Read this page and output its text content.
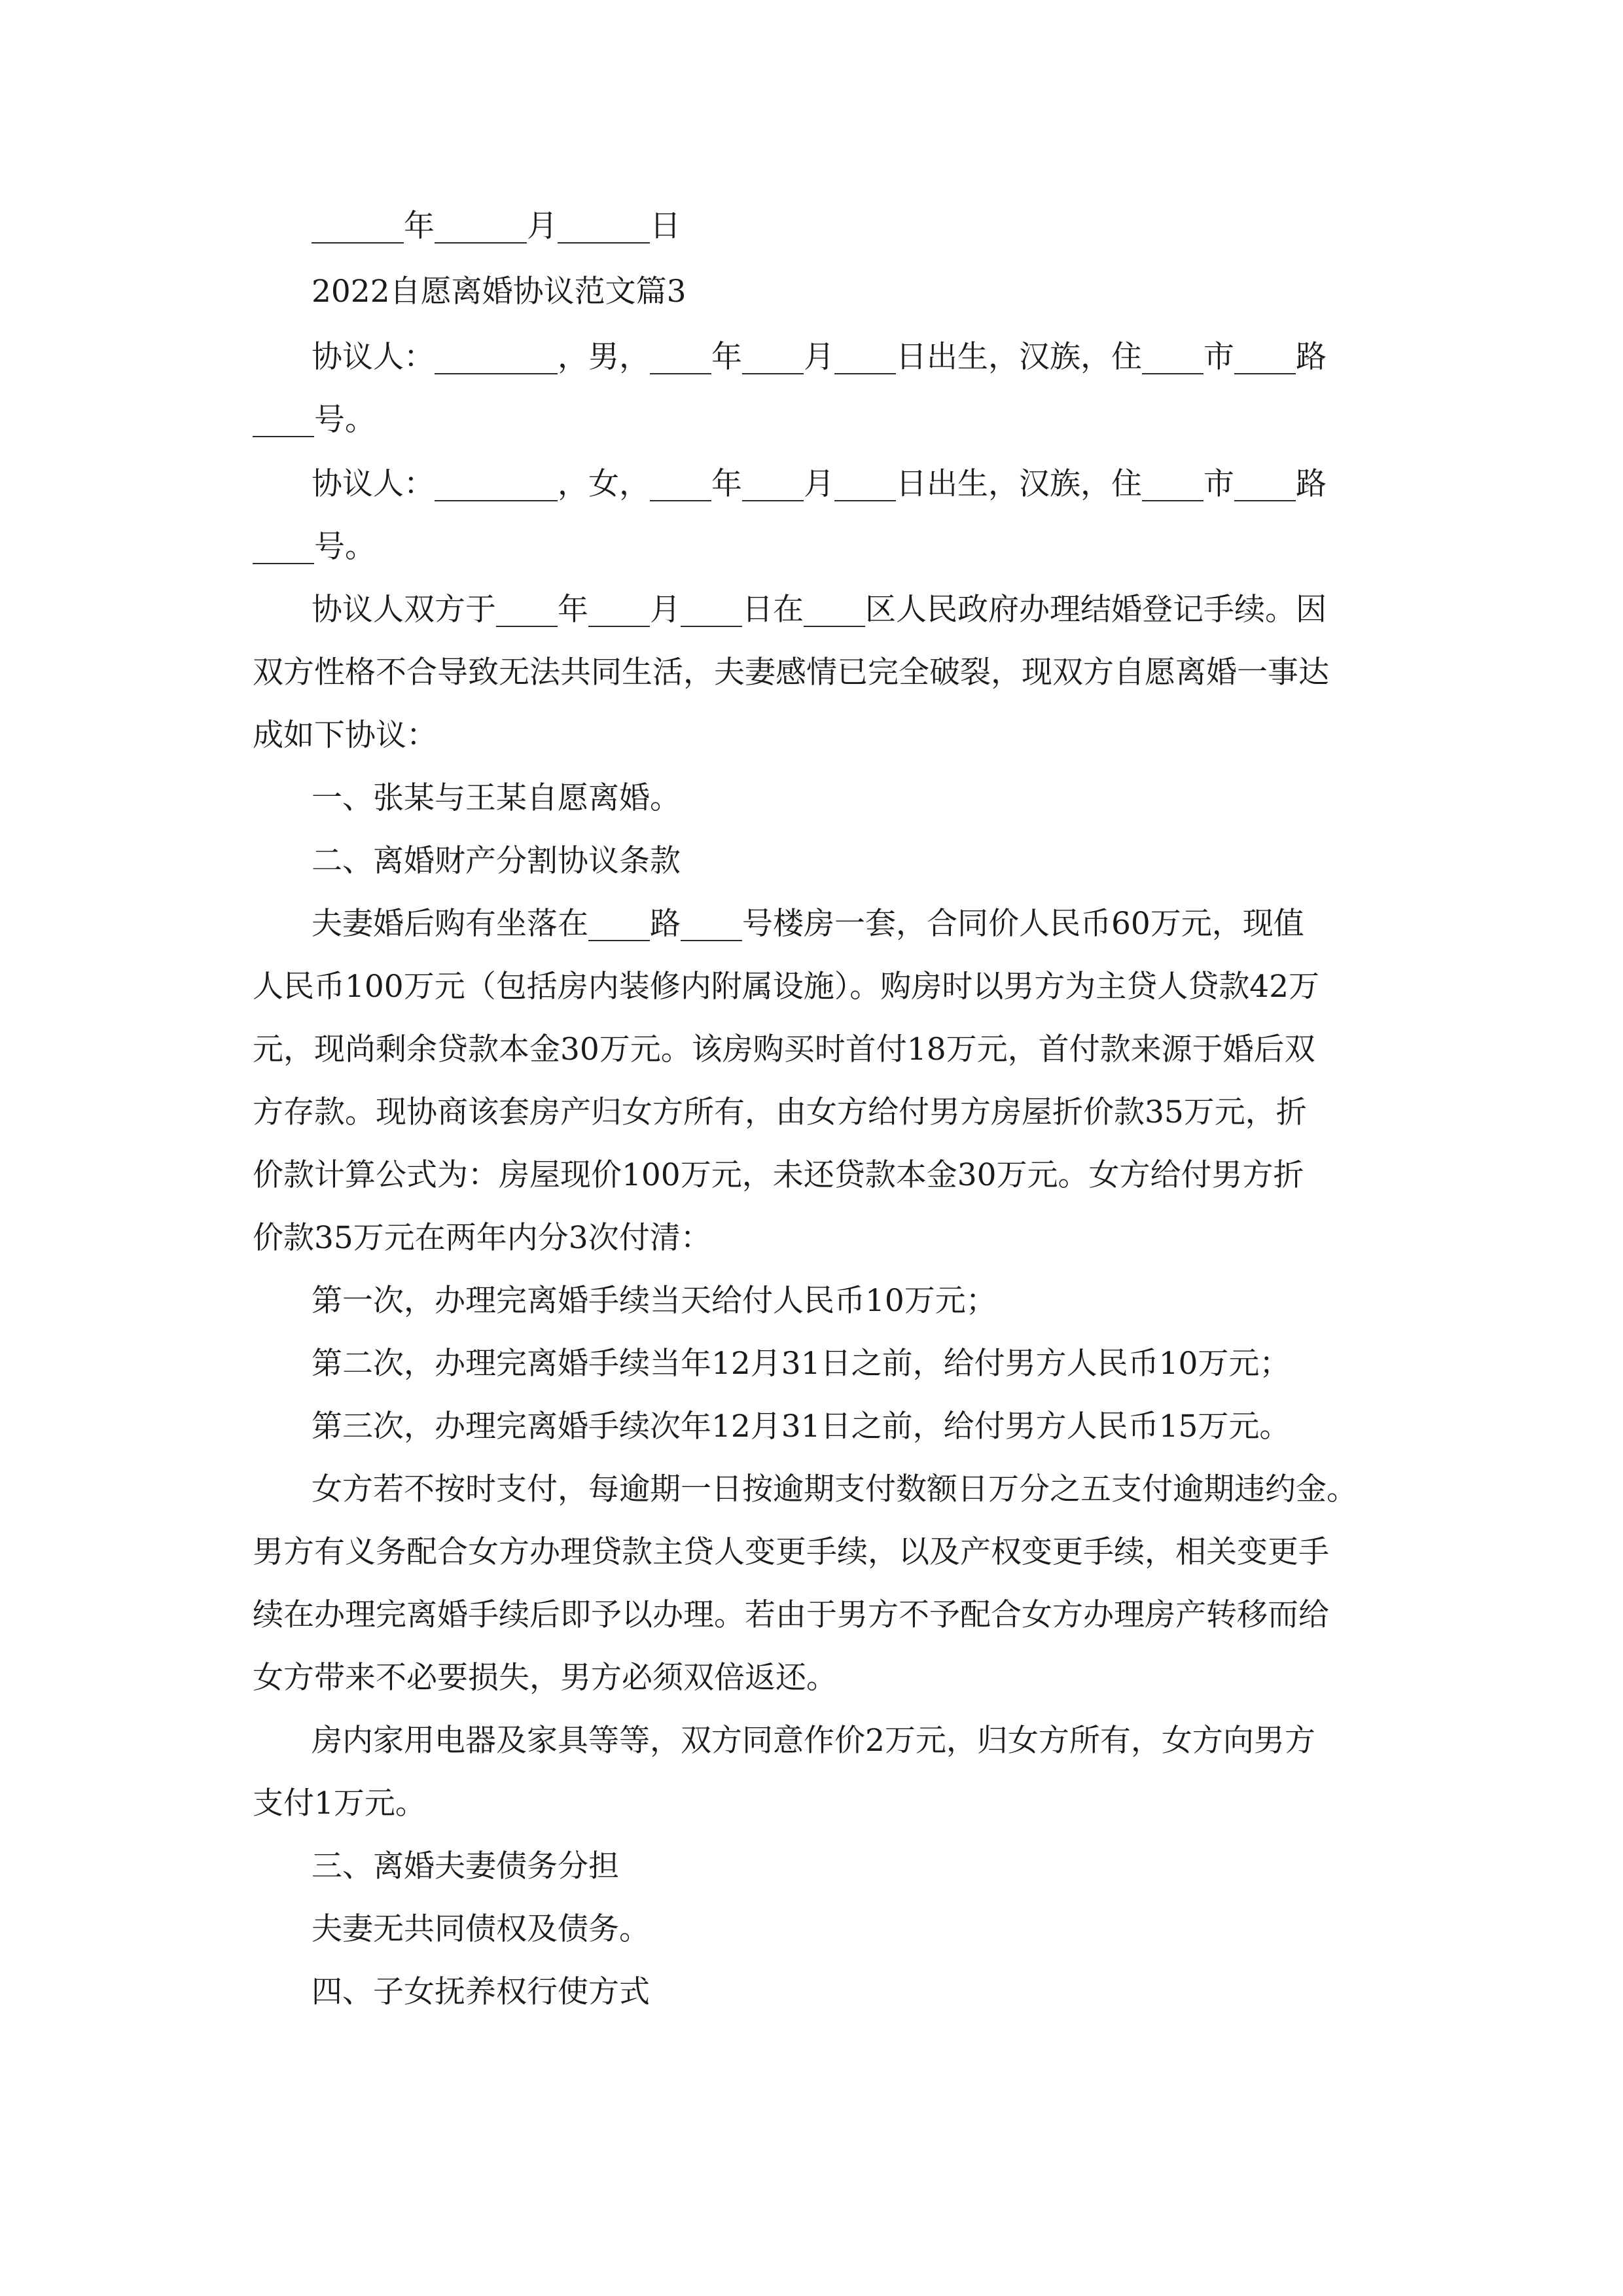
______年______月______日
2022自愿离婚协议范文篇3
协议人：________，男，____年____月____日出生，汉族，住____市____路
____号。
协议人：________，女，____年____月____日出生，汉族，住____市____路
____号。
协议人双方于____年____月____日在____区人民政府办理结婚登记手续。因
双方性格不合导致无法共同生活，夫妻感情已完全破裂，现双方自愿离婚一事达
成如下协议：
一、张某与王某自愿离婚。
二、离婚财产分割协议条款
夫妻婚后购有坐落在____路____号楼房一套，合同价人民币60万元，现值
人民币100万元（包括房内装修内附属设施）。购房时以男方为主贷人贷款42万
元，现尚剩余贷款本金30万元。该房购买时首付18万元，首付款来源于婚后双
方存款。现协商该套房产归女方所有，由女方给付男方房屋折价款35万元，折
价款计算公式为：房屋现价100万元，未还贷款本金30万元。女方给付男方折
价款35万元在两年内分3次付清：
第一次，办理完离婚手续当天给付人民币10万元；
第二次，办理完离婚手续当年12月31日之前，给付男方人民币10万元；
第三次，办理完离婚手续次年12月31日之前，给付男方人民币15万元。
女方若不按时支付，每逾期一日按逾期支付数额日万分之五支付逾期违约金。
男方有义务配合女方办理贷款主贷人变更手续，以及产权变更手续，相关变更手
续在办理完离婚手续后即予以办理。若由于男方不予配合女方办理房产转移而给
女方带来不必要损失，男方必须双倍返还。
房内家用电器及家具等等，双方同意作价2万元，归女方所有，女方向男方
支付1万元。
三、离婚夫妻债务分担
夫妻无共同债权及债务。
四、子女抚养权行使方式
